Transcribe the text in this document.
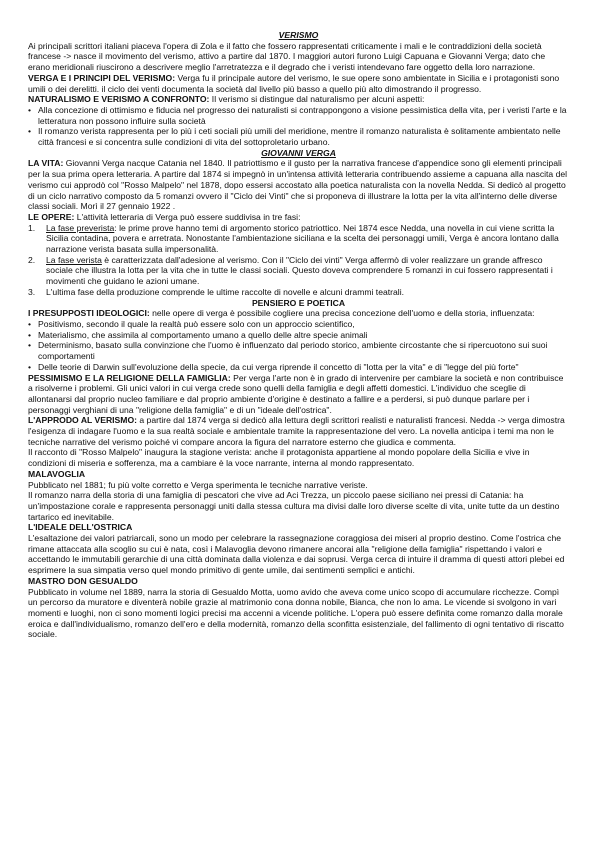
VERISMO

Ai principali scrittori italiani piaceva l'opera di Zola e il fatto che fossero rappresentati criticamente i mali e le contraddizioni della società francese -> nasce il movimento del verismo, attivo a partire dal 1870. I maggiori autori furono Luigi Capuana e Giovanni Verga; dato che erano meridionali riuscirono a descrivere meglio l'arretratezza e il degrado che i veristi intendevano fare oggetto della loro narrazione.

VERGA E I PRINCIPI DEL VERISMO: Verga fu il principale autore del verismo, le sue opere sono ambientate in Sicilia e i protagonisti sono umili o dei derelitti. il ciclo dei venti documenta la società dal livello più basso a quello più alto dimostrando il progresso.

NATURALISMO E VERISMO A CONFRONTO: Il verismo si distingue dal naturalismo per alcuni aspetti:

• Alla concezione di ottimismo e fiducia nel progresso dei naturalisti si contrappongono a visione pessimistica della vita, per i veristi l'arte e la letteratura non possono influire sulla società
• Il romanzo verista rappresenta per lo più i ceti sociali più umili del meridione, mentre il romanzo naturalista è solitamente ambientato nelle città francesi e si concentra sulle condizioni di vita del sottoproletario urbano.

GIOVANNI VERGA

LA VITA: Giovanni Verga nacque Catania nel 1840. Il patriottismo e il gusto per la narrativa francese d'appendice sono gli elementi principali per la sua prima opera letteraria. A partire dal 1874 si impegnò in un'intensa attività letteraria contribuendo assieme a capuana alla nascita del verismo cui approdò col "Rosso Malpelo" nel 1878, dopo essersi accostato alla poetica naturalista con la novella Nedda. Si dedicò al progetto di un ciclo narrativo composto da 5 romanzi ovvero il "Ciclo dei Vinti" che si proponeva di illustrare la lotta per la vita all'interno delle diverse classi sociali. Morì il 27 gennaio 1922 .

LE OPERE: L'attività letteraria di Verga può essere suddivisa in tre fasi:

1. La fase preverista: le prime prove hanno temi di argomento storico patriottico. Nei 1874 esce Nedda, una novella in cui viene scritta la Sicilia contadina, povera e arretrata. Nonostante l'ambientazione siciliana e la scelta dei personaggi umili, Verga è ancora lontano dalla narrazione verista basata sulla impersonalità.
2. La fase verista è caratterizzata dall'adesione al verismo. Con il "Ciclo dei vinti" Verga affermò di voler realizzare un grande affresco sociale che illustra la lotta per la vita che in tutte le classi sociali. Questo doveva comprendere 5 romanzi in cui fossero rappresentati i movimenti che guidano le azioni umane.
3. L'ultima fase della produzione comprende le ultime raccolte di novelle e alcuni drammi teatrali.

PENSIERO E POETICA

I PRESUPPOSTI IDEOLOGICI: nelle opere di verga è possibile cogliere una precisa concezione dell'uomo e della storia, influenzata:

• Positivismo, secondo il quale la realtà può essere solo con un approccio scientifico,
• Materialismo, che assimila al comportamento umano a quello delle altre specie animali
• Determinismo, basato sulla convinzione che l'uomo è influenzato dal periodo storico, ambiente circostante che si ripercuotono sui suoi comportamenti
• Delle teorie di Darwin sull'evoluzione della specie, da cui verga riprende il concetto di "lotta per la vita" e di "legge del più forte"

PESSIMISMO E LA RELIGIONE DELLA FAMIGLIA: Per verga l'arte non è in grado di intervenire per cambiare la società e non contribuisce a risolverne i problemi. Gli unici valori in cui verga crede sono quelli della famiglia e degli affetti domestici. L'individuo che sceglie di allontanarsi dal proprio nucleo familiare e dal proprio ambiente d'origine è destinato a fallire e a perdersi, si può dunque parlare per i personaggi verghiani di una "religione della famiglia" e di un "ideale dell'ostrica".

L'APPRODO AL VERISMO: a partire dal 1874 verga si dedicò alla lettura degli scrittori realisti e naturalisti francesi. Nedda -> verga dimostra l'esigenza di indagare l'uomo e la sua realtà sociale e ambientale tramite la rappresentazione del vero. La novella anticipa i temi ma non le tecniche narrative del verismo poiché vi compare ancora la figura del narratore esterno che giudica e commenta.

Il racconto di "Rosso Malpelo" inaugura la stagione verista: anche il protagonista appartiene al mondo popolare della Sicilia e vive in condizioni di miseria e sofferenza, ma a cambiare è la voce narrante, interna al mondo rappresentato.

MALAVOGLIA

Pubblicato nel 1881; fu più volte corretto e Verga sperimenta le tecniche narrative veriste.

Il romanzo narra della storia di una famiglia di pescatori che vive ad Aci Trezza, un piccolo paese siciliano nei pressi di Catania: ha un'impostazione corale e rappresenta personaggi uniti dalla stessa cultura ma divisi dalle loro diverse scelte di vita, unite tutte da un destino tartarico ed inevitabile.

L'IDEALE DELL'OSTRICA

L'esaltazione dei valori patriarcali, sono un modo per celebrare la rassegnazione coraggiosa dei miseri al proprio destino. Come l'ostrica che rimane attaccata alla scoglio su cui è nata, così i Malavoglia devono rimanere ancorai alla "religione della famiglia" rispettando i valori e accettando le immutabili gerarchie di una città dominata dalla violenza e dai soprusi. Verga cerca di intuire il dramma di questi attori plebei ed esprimere la sua simpatia verso quel mondo primitivo di gente umile, dai sentimenti semplici e antichi.

MASTRO DON GESUALDO

Pubblicato in volume nel 1889, narra la storia di Gesualdo Motta, uomo avido che aveva come unico scopo di accumulare ricchezze. Compì un percorso da muratore e diventerà nobile grazie al matrimonio cona donna nobile, Bianca, che non lo ama. Le vicende si svolgono in vari momenti e luoghi, non ci sono momenti logici precisi ma accenni a vicende politiche. L'opera può essere definita come romanzo dalla morale eroica e dall'individualismo, romanzo dell'ero e della modernità, romanzo della sconfitta esistenziale, del fallimento di ogni tentativo di riscatto sociale.
